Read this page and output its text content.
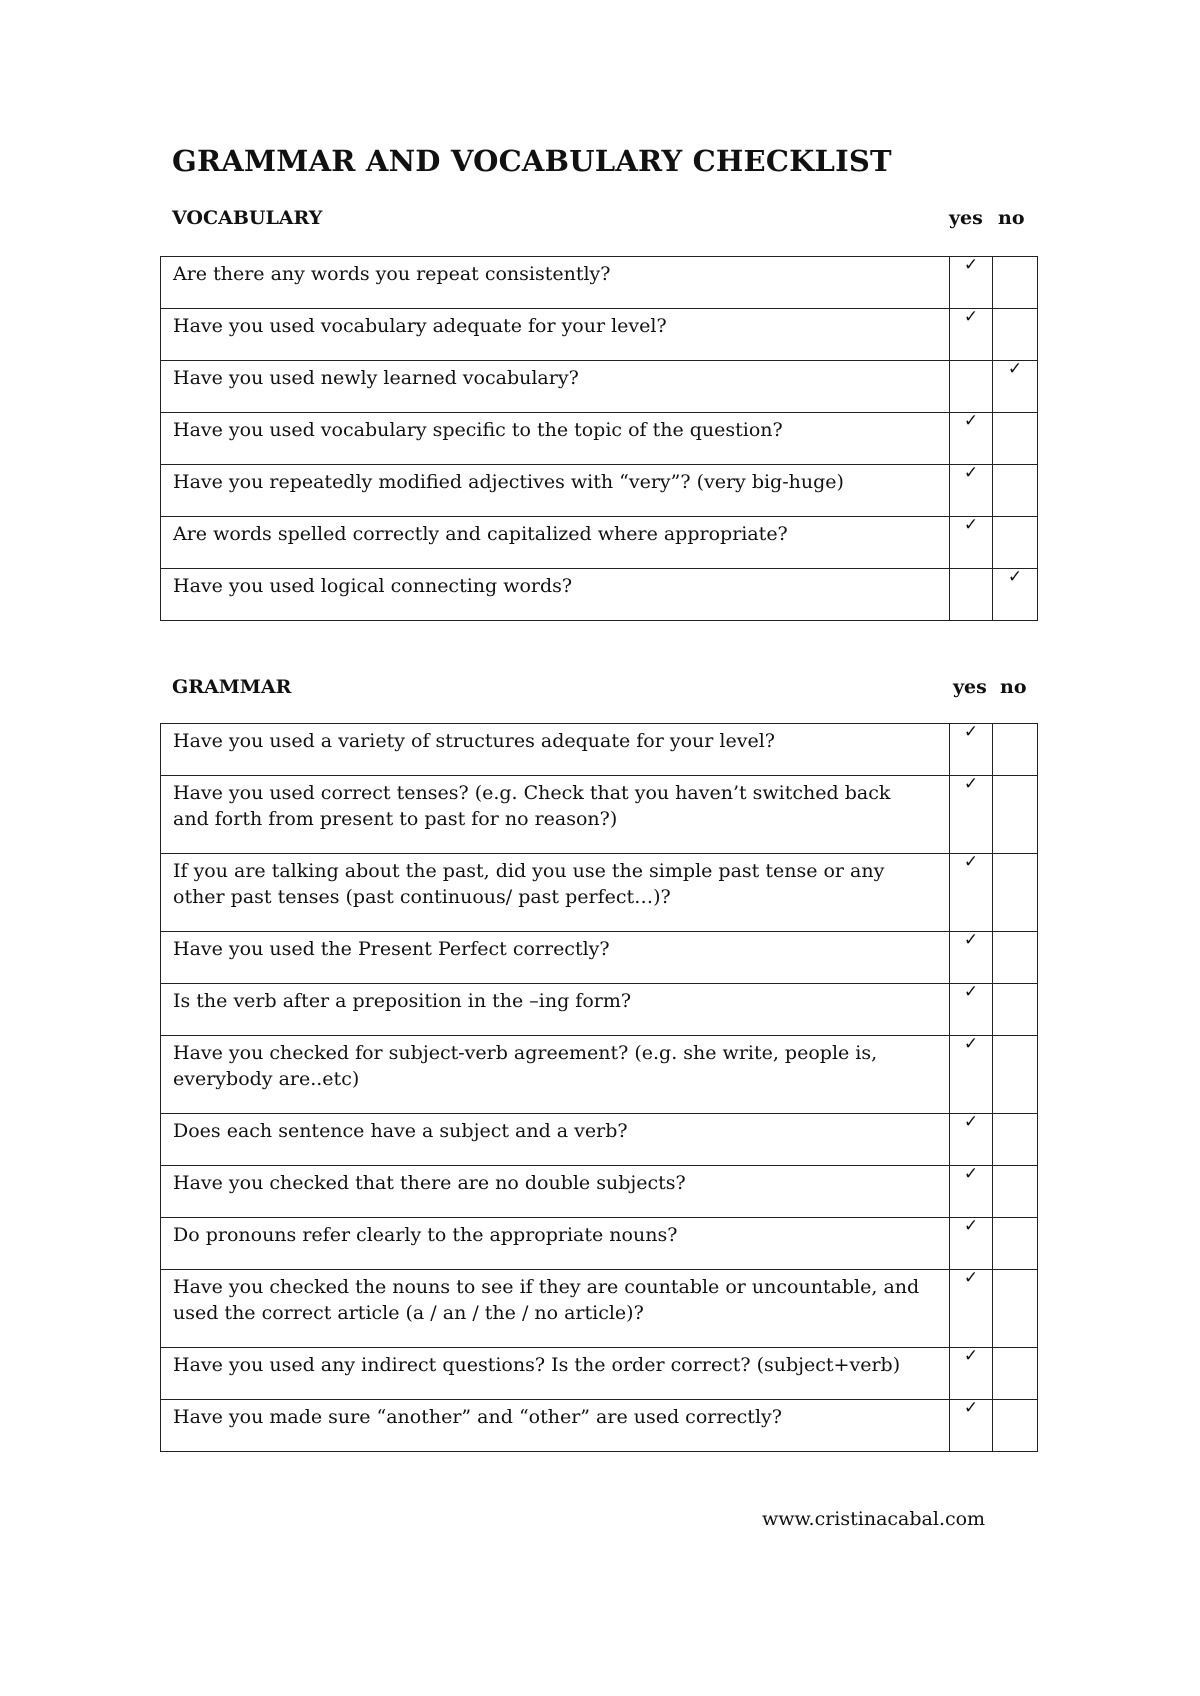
GRAMMAR AND VOCABULARY CHECKLIST
VOCABULARY	yes no
Are there any words you repeat consistently?	✓	

Have you used vocabulary adequate for your level?	✓	

Have you used newly learned vocabulary?		✓

Have you used vocabulary specific to the topic of the question?	✓	

Have you repeatedly modified adjectives with “very”? (very big-huge)	✓	

Are words spelled correctly and capitalized where appropriate?	✓	

Have you used logical connecting words?		✓
GRAMMAR	yes no
Have you used a variety of structures adequate for your level?	✓	

Have you used correct tenses? (e.g. Check that you haven’t switched back and forth from present to past for no reason?)	✓	

If you are talking about the past, did you use the simple past tense or any other past tenses (past continuous/ past perfect…)?	✓	

Have you used the Present Perfect correctly?	✓	

Is the verb after a preposition in the –ing form?	✓	

Have you checked for subject-verb agreement? (e.g. she write, people is, everybody are..etc)	✓	

Does each sentence have a subject and a verb?	✓	

Have you checked that there are no double subjects?	✓	

Do pronouns refer clearly to the appropriate nouns?	✓	

Have you checked the nouns to see if they are countable or uncountable, and used the correct article (a / an / the / no article)?	✓	

Have you used any indirect questions? Is the order correct? (subject+verb)	✓	

Have you made sure “another” and “other” are used correctly?	✓	

www.cristinacabal.com
